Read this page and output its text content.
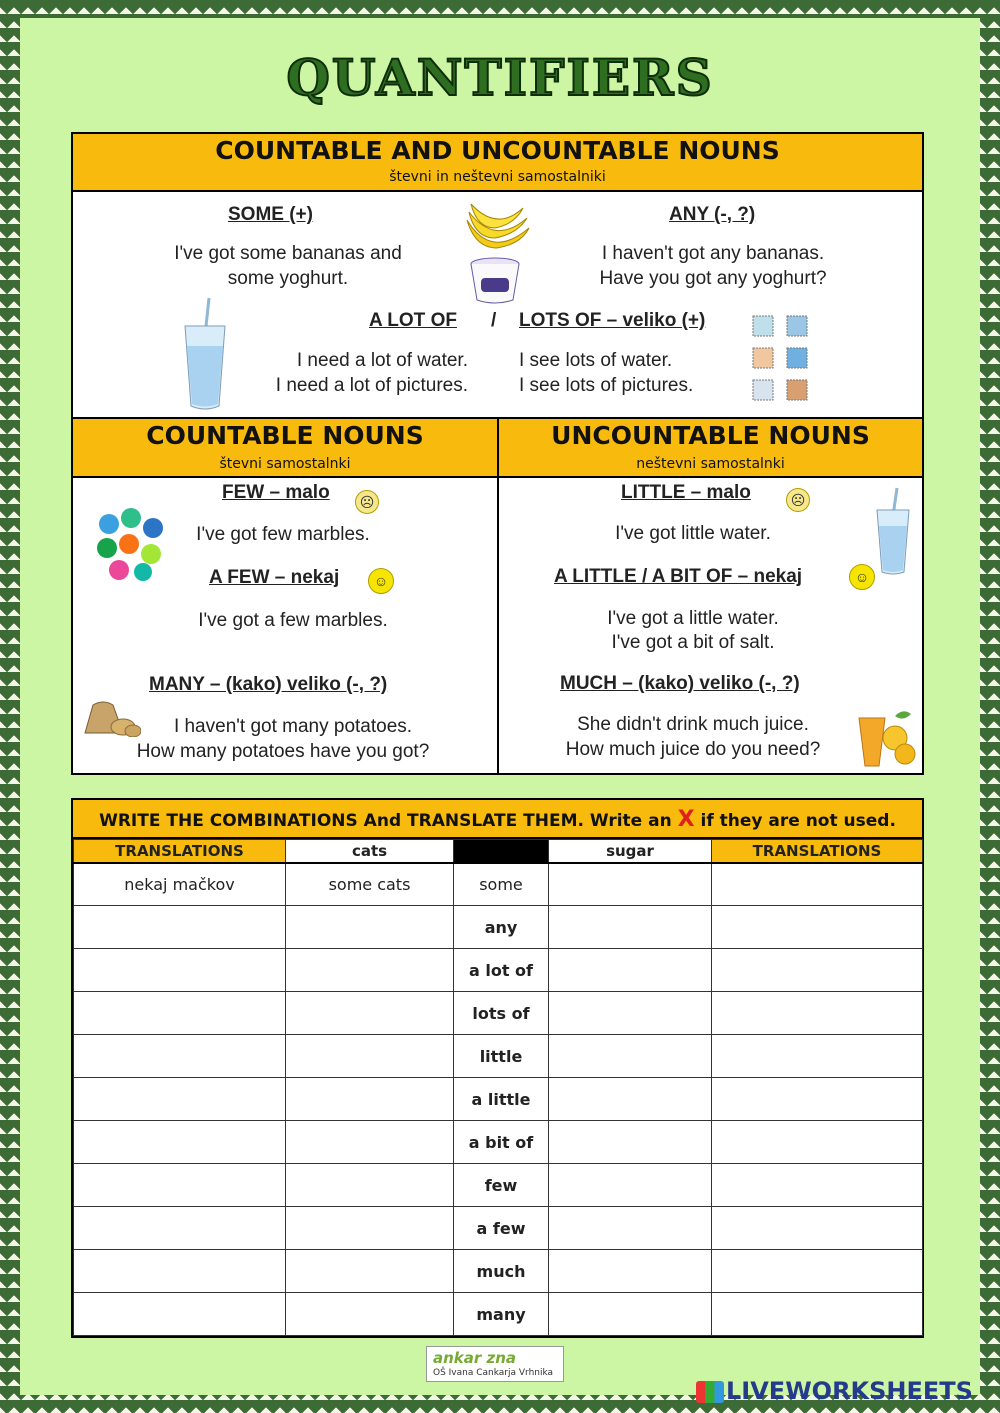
QUANTIFIERS
COUNTABLE AND UNCOUNTABLE NOUNS
števni in neštevni samostalniki
SOME (+)
I've got some bananas and
some yoghurt.
ANY (-, ?)
I haven't got any bananas.
Have you got any yoghurt?
A LOT OF / LOTS OF – veliko (+)
I need a lot of water.
I need a lot of pictures.
I see lots of water.
I see lots of pictures.
COUNTABLE NOUNS
števni samostalnki
UNCOUNTABLE NOUNS
neštevni samostalnki
FEW – malo	☹
I've got few marbles.
A FEW – nekaj	☺
I've got a few marbles.
MANY – (kako) veliko (-, ?)
I haven't got many potatoes.
How many potatoes have you got?
LITTLE – malo	☹
I've got little water.
A LITTLE / A BIT OF – nekaj	☺
I've got a little water.
I've got a bit of salt.
MUCH – (kako) veliko (-, ?)
She didn't drink much juice.
How much juice do you need?
WRITE THE COMBINATIONS And TRANSLATE THEM. Write an X if they are not used.
TRANSLATIONS	cats		sugar	TRANSLATIONS
nekaj mačkov	some cats	some		
		any		
		a lot of		
		lots of		
		little		
		a little		
		a bit of		
		few		
		a few		
		much		
		many		
ankar zna
OŠ Ivana Cankarja Vrhnika
LIVEWORKSHEETS
